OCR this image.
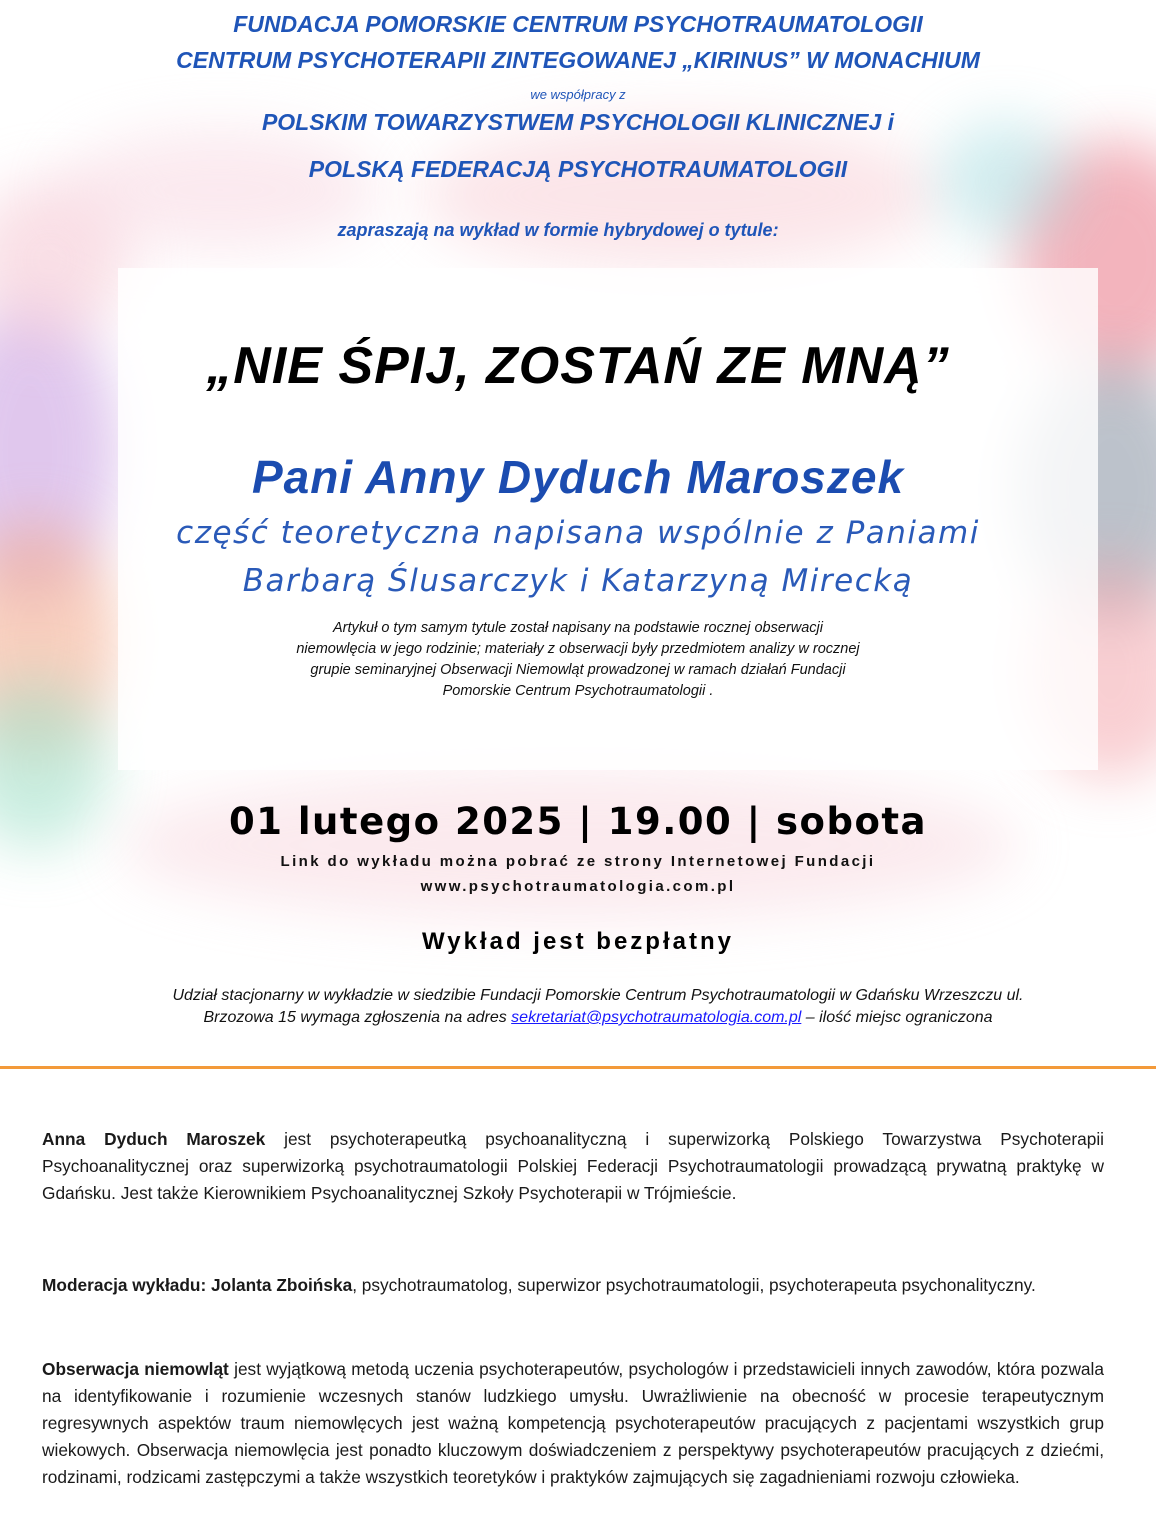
FUNDACJA POMORSKIE CENTRUM PSYCHOTRAUMATOLOGII
CENTRUM PSYCHOTERAPII ZINTEGOWANEJ „KIRINUS” W MONACHIUM
we współpracy z
POLSKIM TOWARZYSTWEM PSYCHOLOGII KLINICZNEJ i
POLSKĄ FEDERACJĄ PSYCHOTRAUMATOLOGII
zapraszają na wykład w formie hybrydowej o tytule:
„NIE ŚPIJ, ZOSTAŃ ZE MNĄ”
Pani Anny Dyduch Maroszek
część teoretyczna napisana wspólnie z Paniami
Barbarą Ślusarczyk i Katarzyną Mirecką
Artykuł o tym samym tytule został napisany na podstawie rocznej obserwacji
niemowlęcia w jego rodzinie; materiały z obserwacji były przedmiotem analizy w rocznej
grupie seminaryjnej Obserwacji Niemowląt prowadzonej w ramach działań Fundacji
Pomorskie Centrum Psychotraumatologii .
01 lutego 2025 | 19.00 | sobota
Link do wykładu można pobrać ze strony Internetowej Fundacji
www.psychotraumatologia.com.pl
Wykład jest bezpłatny
Udział stacjonarny w wykładzie w siedzibie Fundacji Pomorskie Centrum Psychotraumatologii w Gdańsku Wrzeszczu ul.
Brzozowa 15 wymaga zgłoszenia na adres sekretariat@psychotraumatologia.com.pl – ilość miejsc ograniczona
Anna Dyduch Maroszek jest psychoterapeutką psychoanalityczną i superwizorką Polskiego Towarzystwa Psychoterapii Psychoanalitycznej oraz superwizorką psychotraumatologii Polskiej Federacji Psychotraumatologii prowadzącą prywatną praktykę w Gdańsku. Jest także Kierownikiem Psychoanalitycznej Szkoły Psychoterapii w Trójmieście.
Moderacja wykładu: Jolanta Zboińska, psychotraumatolog, superwizor psychotraumatologii, psychoterapeuta psychonalityczny.
Obserwacja niemowląt jest wyjątkową metodą uczenia psychoterapeutów, psychologów i przedstawicieli innych zawodów, która pozwala na identyfikowanie i rozumienie wczesnych stanów ludzkiego umysłu. Uwrażliwienie na obecność w procesie terapeutycznym regresywnych aspektów traum niemowlęcych jest ważną kompetencją psychoterapeutów pracujących z pacjentami wszystkich grup wiekowych. Obserwacja niemowlęcia jest ponadto kluczowym doświadczeniem z perspektywy psychoterapeutów pracujących z dziećmi, rodzinami, rodzicami zastępczymi a także wszystkich teoretyków i praktyków zajmujących się zagadnieniami rozwoju człowieka.
